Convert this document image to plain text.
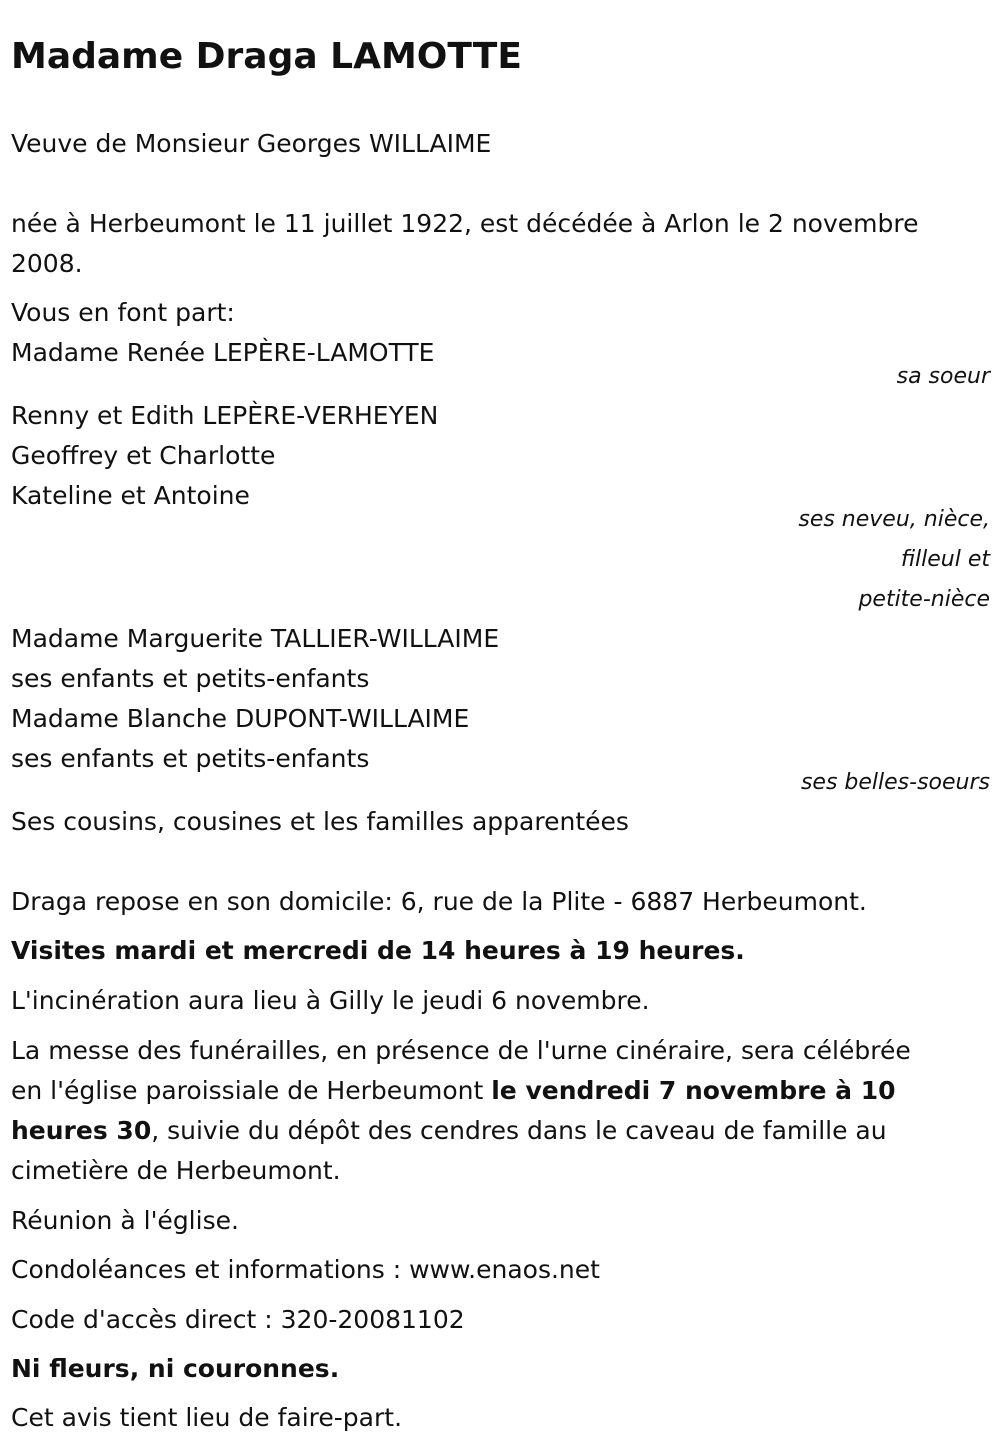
Madame Draga LAMOTTE
Veuve de Monsieur Georges WILLAIME
née à Herbeumont le 11 juillet 1922, est décédée à Arlon le 2 novembre
2008.
Vous en font part:
Madame Renée LEPÈRE-LAMOTTE
sa soeur
Renny et Edith LEPÈRE-VERHEYEN
Geoffrey et Charlotte
Kateline et Antoine
ses neveu, nièce,
filleul et
petite-nièce
Madame Marguerite TALLIER-WILLAIME
ses enfants et petits-enfants
Madame Blanche DUPONT-WILLAIME
ses enfants et petits-enfants
ses belles-soeurs
Ses cousins, cousines et les familles apparentées
Draga repose en son domicile: 6, rue de la Plite - 6887 Herbeumont.
Visites mardi et mercredi de 14 heures à 19 heures.
L'incinération aura lieu à Gilly le jeudi 6 novembre.
La messe des funérailles, en présence de l'urne cinéraire, sera célébrée
en l'église paroissiale de Herbeumont le vendredi 7 novembre à 10
heures 30, suivie du dépôt des cendres dans le caveau de famille au
cimetière de Herbeumont.
Réunion à l'église.
Condoléances et informations : www.enaos.net
Code d'accès direct : 320-20081102
Ni fleurs, ni couronnes.
Cet avis tient lieu de faire-part.
